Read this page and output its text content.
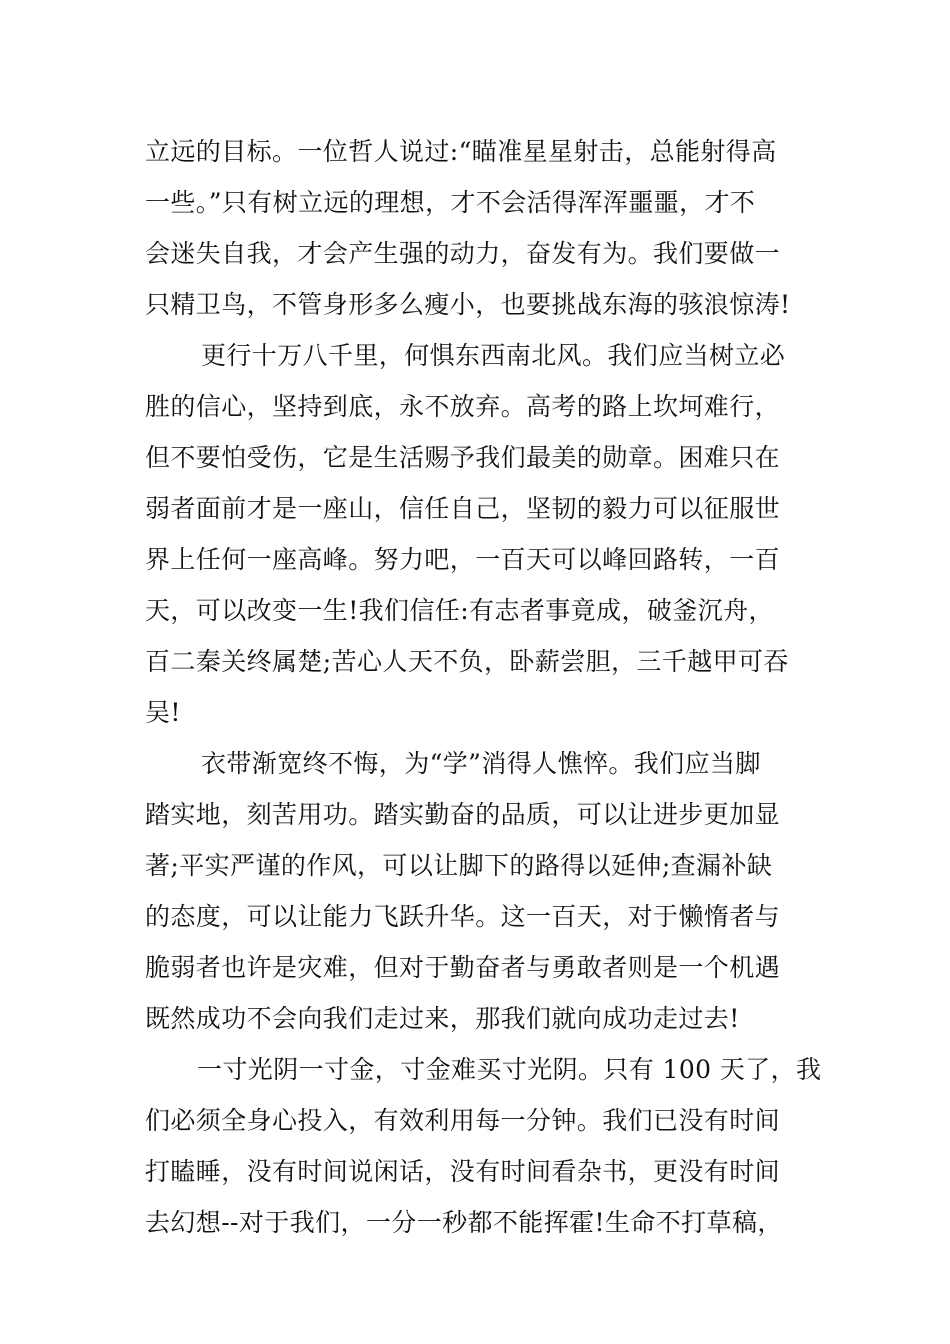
立远的目标。一位哲人说过:“瞄准星星射击，总能射得高
一些。”只有树立远的理想，才不会活得浑浑噩噩，才不
会迷失自我，才会产生强的动力，奋发有为。我们要做一
只精卫鸟，不管身形多么瘦小，也要挑战东海的骇浪惊涛!
更行十万八千里，何惧东西南北风。我们应当树立必
胜的信心，坚持到底，永不放弃。高考的路上坎坷难行，
但不要怕受伤，它是生活赐予我们最美的勋章。困难只在
弱者面前才是一座山，信任自己，坚韧的毅力可以征服世
界上任何一座高峰。努力吧，一百天可以峰回路转，一百
天，可以改变一生!我们信任:有志者事竟成，破釜沉舟，
百二秦关终属楚;苦心人天不负，卧薪尝胆，三千越甲可吞
吴!
衣带渐宽终不悔，为“学”消得人憔悴。我们应当脚
踏实地，刻苦用功。踏实勤奋的品质，可以让进步更加显
著;平实严谨的作风，可以让脚下的路得以延伸;查漏补缺
的态度，可以让能力飞跃升华。这一百天，对于懒惰者与
脆弱者也许是灾难，但对于勤奋者与勇敢者则是一个机遇
既然成功不会向我们走过来，那我们就向成功走过去!
一寸光阴一寸金，寸金难买寸光阴。只有 100 天了，我
们必须全身心投入，有效利用每一分钟。我们已没有时间
打瞌睡，没有时间说闲话，没有时间看杂书，更没有时间
去幻想--对于我们，一分一秒都不能挥霍!生命不打草稿，
